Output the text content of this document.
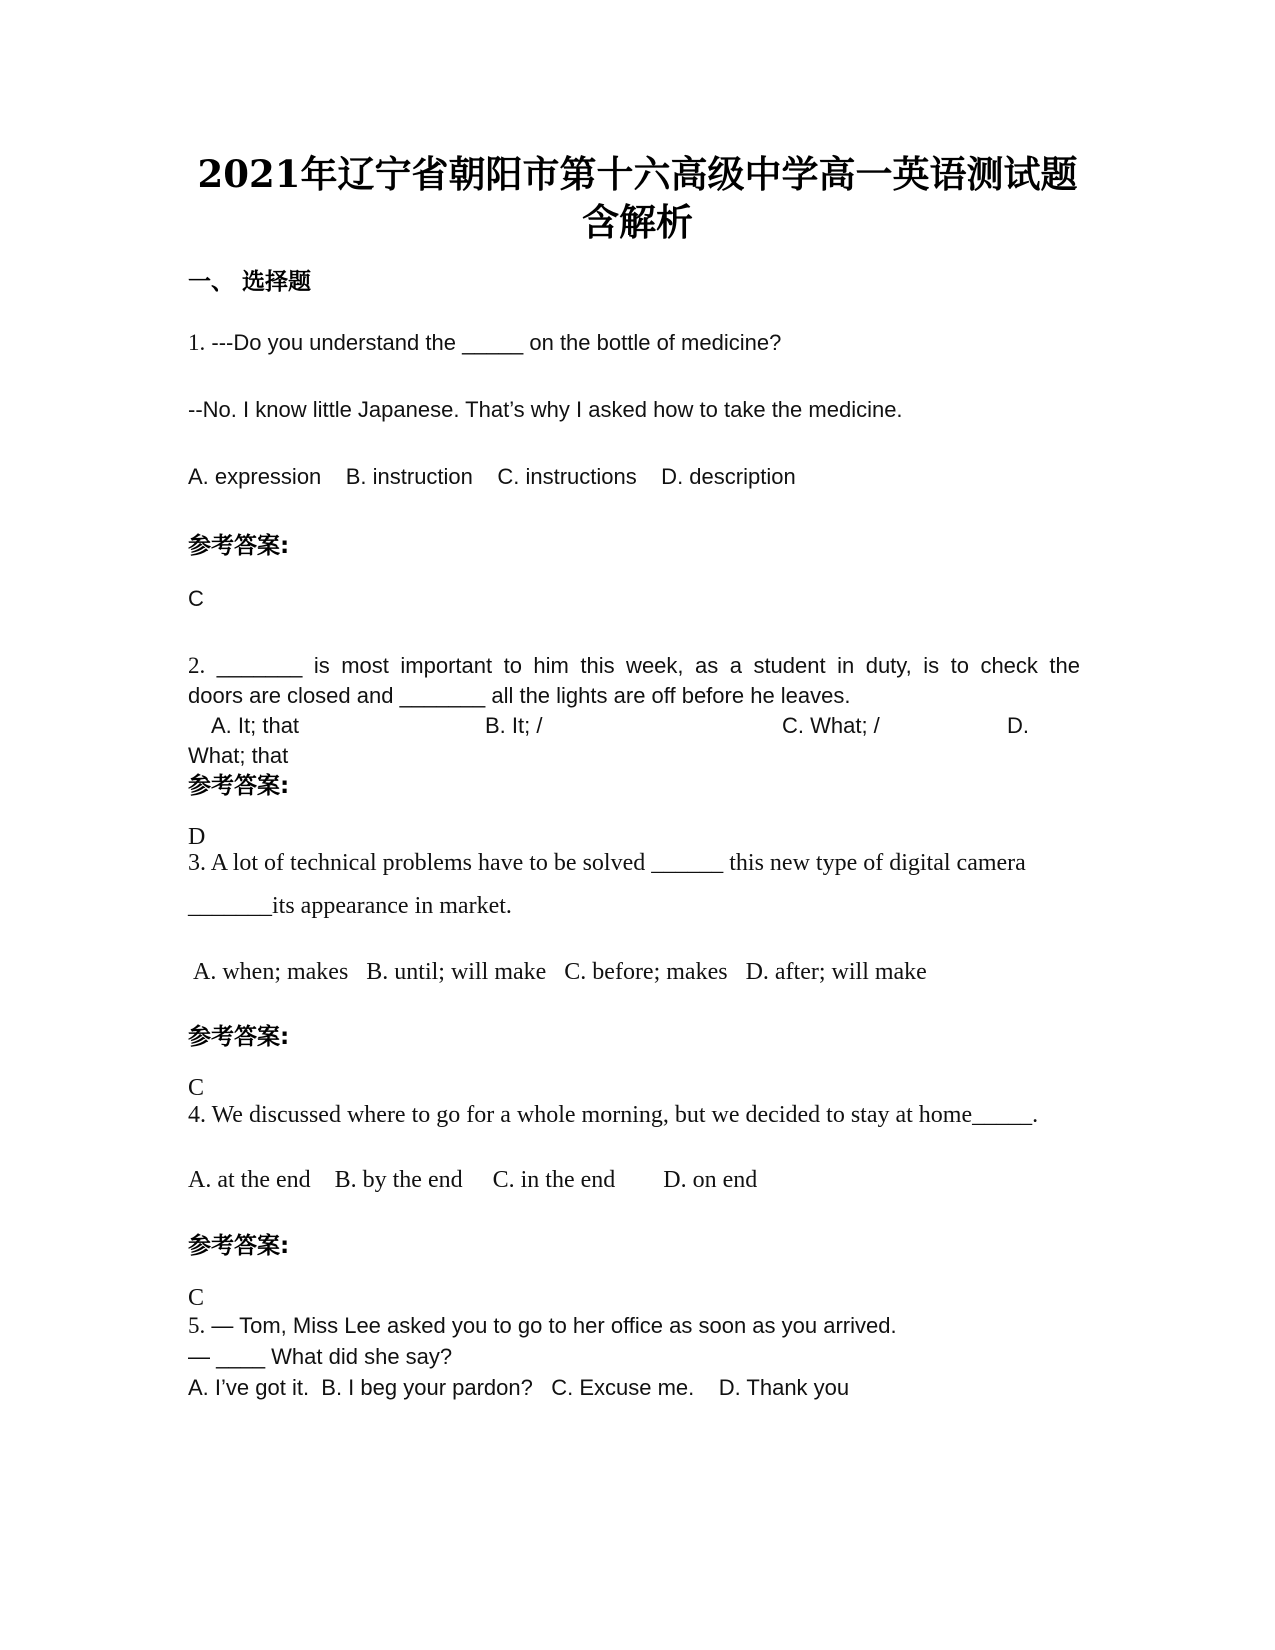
2021年辽宁省朝阳市第十六高级中学高一英语测试题
含解析
一、 选择题
1. ---Do you understand the _____ on the bottle of medicine?
--No. I know little Japanese. That’s why I asked how to take the medicine.
A. expression    B. instruction    C. instructions    D. description
参考答案:
C
2. _______ is most important to him this week, as a student in duty, is to check the
doors are closed and _______ all the lights are off before he leaves.
A. It; that	B. It; /	C. What; /	D.
What; that
参考答案:
D
3. A lot of technical problems have to be solved ______ this new type of digital camera
_______its appearance in market.
A. when; makes   B. until; will make   C. before; makes   D. after; will make
参考答案:
C
4. We discussed where to go for a whole morning, but we decided to stay at home_____.
A. at the end    B. by the end     C. in the end        D. on end
参考答案:
C
5. — Tom, Miss Lee asked you to go to her office as soon as you arrived.
— ____ What did she say?
A. I’ve got it.  B. I beg your pardon?   C. Excuse me.    D. Thank you
